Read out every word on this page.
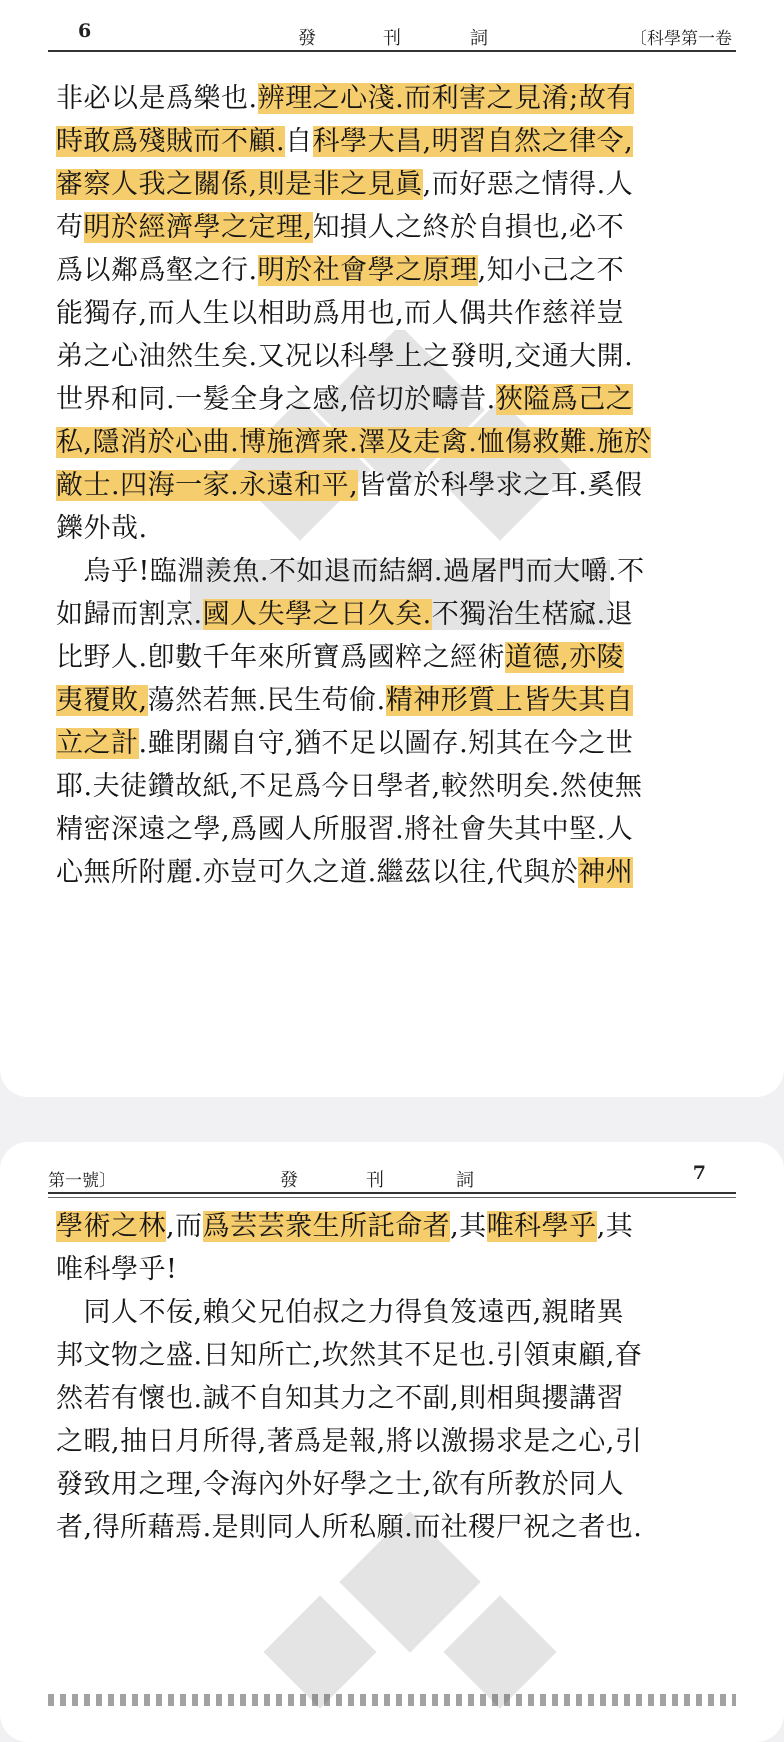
6	發	刊	詞	〔科學第一卷
非必以是爲樂也.辨理之心淺.而利害之見淆;故有
時敢爲殘賊而不顧.自科學大昌,明習自然之律令,
審察人我之關係,則是非之見眞,而好惡之情得.人
苟明於經濟學之定理,知損人之終於自損也,必不
爲以鄰爲壑之行.明於社會學之原理,知小己之不
能獨存,而人生以相助爲用也,而人偶共作慈祥豈
弟之心油然生矣.又况以科學上之發明,交通大開.
世界和同.一髮全身之感,倍切於疇昔.狹隘爲己之
私,隱消於心曲.博施濟衆.澤及走禽.恤傷救難.施於
敵士.四海一家.永遠和平,皆當於科學求之耳.奚假
鑠外哉.
　烏乎!臨淵羨魚.不如退而結網.過屠門而大嚼.不
如歸而割烹.國人失學之日久矣.不獨治生楛窳.退
比野人.卽數千年來所寶爲國粹之經術道德,亦陵
夷覆敗,蕩然若無.民生苟偷.精神形質上皆失其自
立之計.雖閉關自守,猶不足以圖存.矧其在今之世
耶.夫徒鑽故紙,不足爲今日學者,較然明矣.然使無
精密深遠之學,爲國人所服習.將社會失其中堅.人
心無所附麗.亦豈可久之道.繼茲以往,代與於神州
第一號〕	發	刊	詞	7
學術之林,而爲芸芸衆生所託命者,其唯科學乎,其
唯科學乎!
　同人不佞,賴父兄伯叔之力得負笈遠西,親睹異
邦文物之盛.日知所亡,坎然其不足也.引領東顧,眘
然若有懷也.誠不自知其力之不副,則相與攖講習
之暇,抽日月所得,著爲是報,將以激揚求是之心,引
發致用之理,令海內外好學之士,欲有所教於同人
者,得所藉焉.是則同人所私願.而社稷尸祝之者也.
